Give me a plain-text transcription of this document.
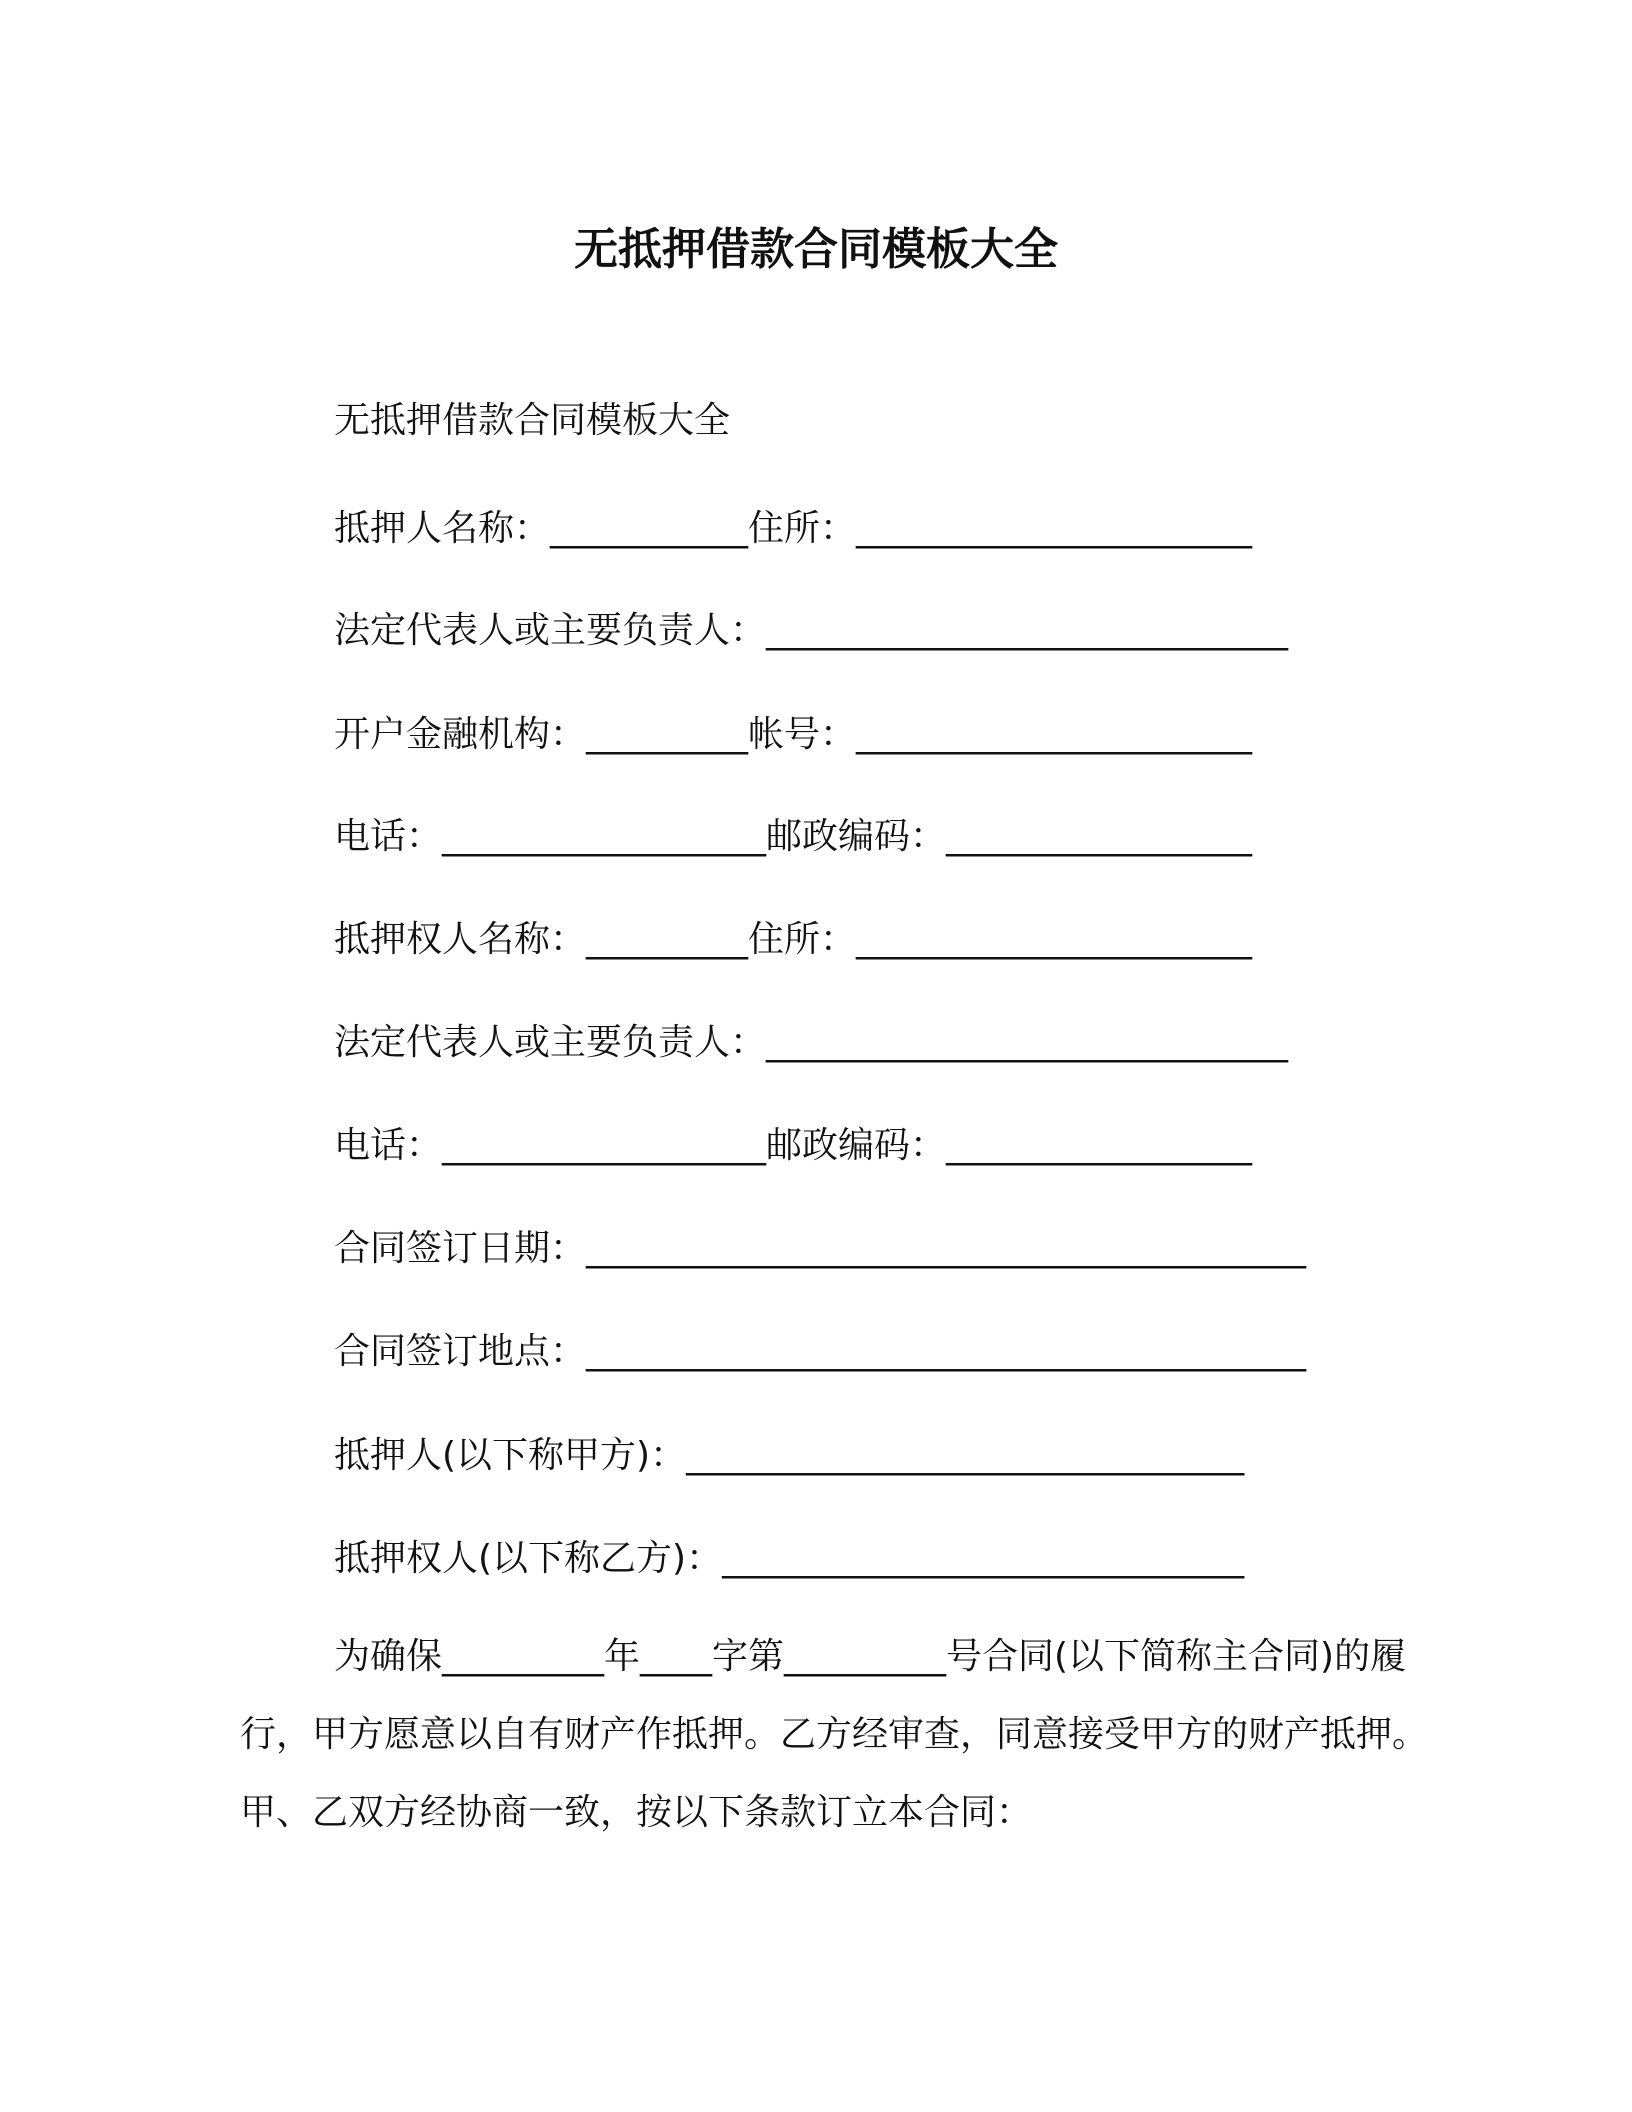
无抵押借款合同模板大全
无抵押借款合同模板大全
抵押人名称：___________住所：______________________
法定代表人或主要负责人：_____________________________
开户金融机构：_________帐号：______________________
电话：__________________邮政编码：_________________
抵押权人名称：_________住所：______________________
法定代表人或主要负责人：_____________________________
电话：__________________邮政编码：_________________
合同签订日期：________________________________________
合同签订地点：________________________________________
抵押人(以下称甲方)：_______________________________
抵押权人(以下称乙方)：_____________________________
为确保_________年____字第_________号合同(以下简称主合同)的履行，甲方愿意以自有财产作抵押。乙方经审查，同意接受甲方的财产抵押。甲、乙双方经协商一致，按以下条款订立本合同：
